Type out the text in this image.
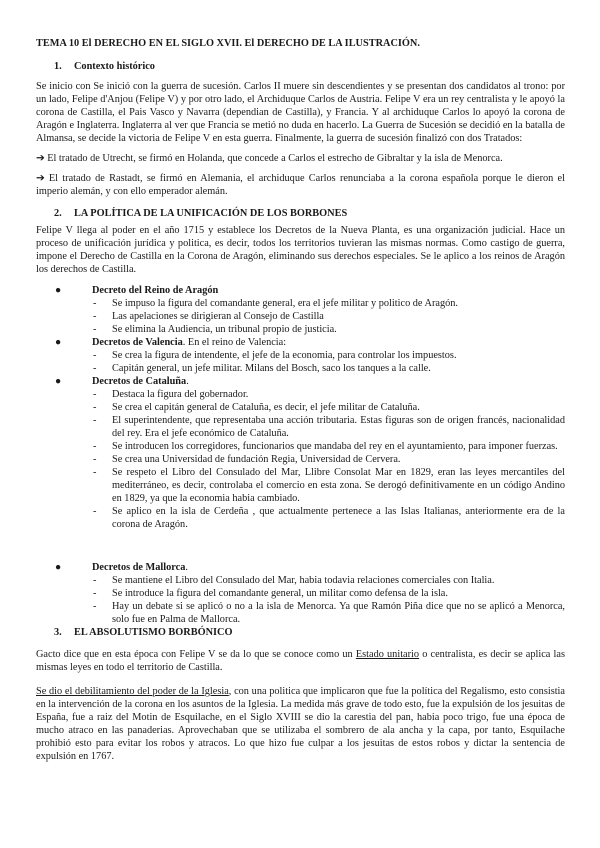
TEMA 10 El DERECHO EN EL SIGLO XVII. El DERECHO DE LA ILUSTRACIÓN.
1. Contexto histórico
Se inicio con Se inició con la guerra de sucesión. Carlos II muere sin descendientes y se presentan dos candidatos al trono: por un lado, Felipe d'Anjou (Felipe V) y por otro lado, el Archiduque Carlos de Austria. Felipe V era un rey centralista y le apoyó la corona de Castilla, el Pais Vasco y Navarra (dependian de Castilla), y Francia. Y al archiduque Carlos lo apoyó la corona de Aragón e Inglaterra. Inglaterra al ver que Francia se metió no duda en hacerlo. La Guerra de Sucesión se decidió en la batalla de Almansa, se decide la victoria de Felipe V en esta guerra. Finalmente, la guerra de sucesión finalizó con dos Tratados:
➔ El tratado de Utrecht, se firmó en Holanda, que concede a Carlos el estrecho de Gibraltar y la isla de Menorca.
➔ El tratado de Rastadt, se firmó en Alemania, el archiduque Carlos renunciaba a la corona española porque le dieron el imperio alemán, y con ello emperador alemán.
2. LA POLÍTICA DE LA UNIFICACIÓN DE LOS BORBONES
Felipe V llega al poder en el año 1715 y establece los Decretos de la Nueva Planta, es una organización judicial. Hace un proceso de unificación jurídica y politica, es decir, todos los territorios tuvieran las mismas normas. Como castigo de guerra, impone el Derecho de Castilla en la Corona de Aragón, eliminando sus derechos especiales. Se le aplico a los reinos de Aragón los derechos de Castilla.
●	Decreto del Reino de Aragón
- Se impuso la figura del comandante general, era el jefe militar y politico de Aragón.
- Las apelaciones se dirigieran al Consejo de Castilla
- Se elimina la Audiencia, un tribunal propio de justicia.
●	Decretos de Valencia. En el reino de Valencia:
- Se crea la figura de intendente, el jefe de la economia, para controlar los impuestos.
- Capitán general, un jefe militar. Milans del Bosch, saco los tanques a la calle.
●	Decretos de Cataluña.
- Destaca la figura del gobernador.
- Se crea el capitán general de Cataluña, es decir, el jefe militar de Cataluña.
- El superintendente, que representaba una acción tributaria. Estas figuras son de origen francés, nacionalidad del rey. Era el jefe económico de Cataluña.
- Se introducen los corregidores, funcionarios que mandaba del rey en el ayuntamiento, para imponer fuerzas.
- Se crea una Universidad de fundación Regia, Universidad de Cervera.
- Se respeto el Libro del Consulado del Mar, Llibre Consolat Mar en 1829, eran las leyes mercantiles del mediterráneo, es decir, controlaba el comercio en esta zona. Se derogó definitivamente en un código Andino en 1829, ya que la economia habia cambiado.
- Se aplico en la isla de Cerdeña , que actualmente pertenece a las Islas Italianas, anteriormente era de la corona de Aragón.
●	Decretos de Mallorca.
- Se mantiene el Libro del Consulado del Mar, habia todavia relaciones comerciales con Italia.
- Se introduce la figura del comandante general, un militar como defensa de la isla.
- Hay un debate si se aplicó o no a la isla de Menorca. Ya que Ramón Piña dice que no se aplicó a Menorca, solo fue en Palma de Mallorca.
3. EL ABSOLUTISMO BORBÓNICO
Gacto dice que en esta época con Felipe V se da lo que se conoce como un Estado unitario o centralista, es decir se aplica las mismas leyes en todo el territorio de Castilla.
Se dio el debilitamiento del poder de la Iglesia, con una politica que implicaron que fue la política del Regalismo, esto consistia en la intervención de la corona en los asuntos de la Iglesia. La medida más grave de todo esto, fue la expulsión de los jesuitas de España, fue a raiz del Motin de Esquilache, en el Siglo XVIII se dio la carestia del pan, habia poco trigo, fue una época de mucho atraco en las panaderias. Aprovechaban que se utilizaba el sombrero de ala ancha y la capa, por tanto, Esquilache prohibió esto para evitar los robos y atracos. Lo que hizo fue culpar a los jesuitas de estos robos y dictar la sentencia de expulsión en 1767.
